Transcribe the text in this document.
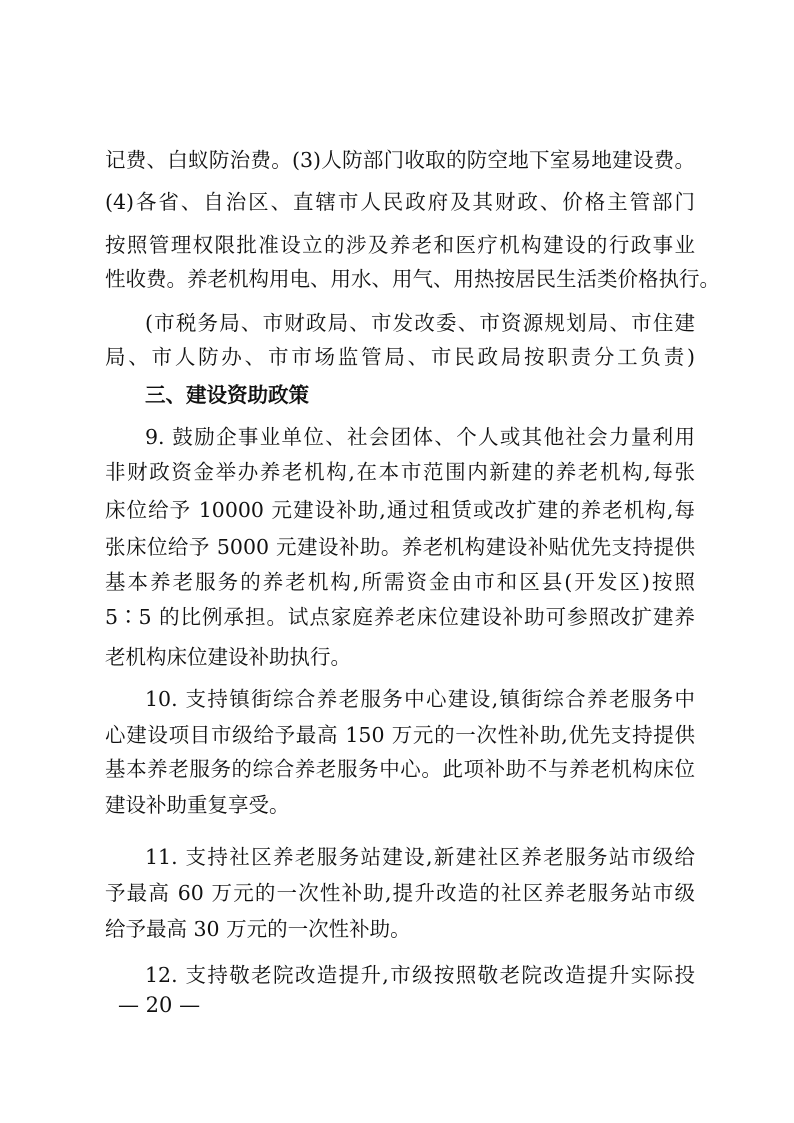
记费、白蚁防治费。(3)人防部门收取的防空地下室易地建设费。
(4)各省、自治区、直辖市人民政府及其财政、价格主管部门
按照管理权限批准设立的涉及养老和医疗机构建设的行政事业
性收费。养老机构用电、用水、用气、用热按居民生活类价格执行。
(市税务局、市财政局、市发改委、市资源规划局、市住建
局、市人防办、市市场监管局、市民政局按职责分工负责)
三、建设资助政策
9. 鼓励企事业单位、社会团体、个人或其他社会力量利用
非财政资金举办养老机构,在本市范围内新建的养老机构,每张
床位给予 10000 元建设补助,通过租赁或改扩建的养老机构,每
张床位给予 5000 元建设补助。养老机构建设补贴优先支持提供
基本养老服务的养老机构,所需资金由市和区县(开发区)按照
5∶5 的比例承担。试点家庭养老床位建设补助可参照改扩建养
老机构床位建设补助执行。
10. 支持镇街综合养老服务中心建设,镇街综合养老服务中
心建设项目市级给予最高 150 万元的一次性补助,优先支持提供
基本养老服务的综合养老服务中心。此项补助不与养老机构床位
建设补助重复享受。
11. 支持社区养老服务站建设,新建社区养老服务站市级给
予最高 60 万元的一次性补助,提升改造的社区养老服务站市级
给予最高 30 万元的一次性补助。
12. 支持敬老院改造提升,市级按照敬老院改造提升实际投
— 20 —
